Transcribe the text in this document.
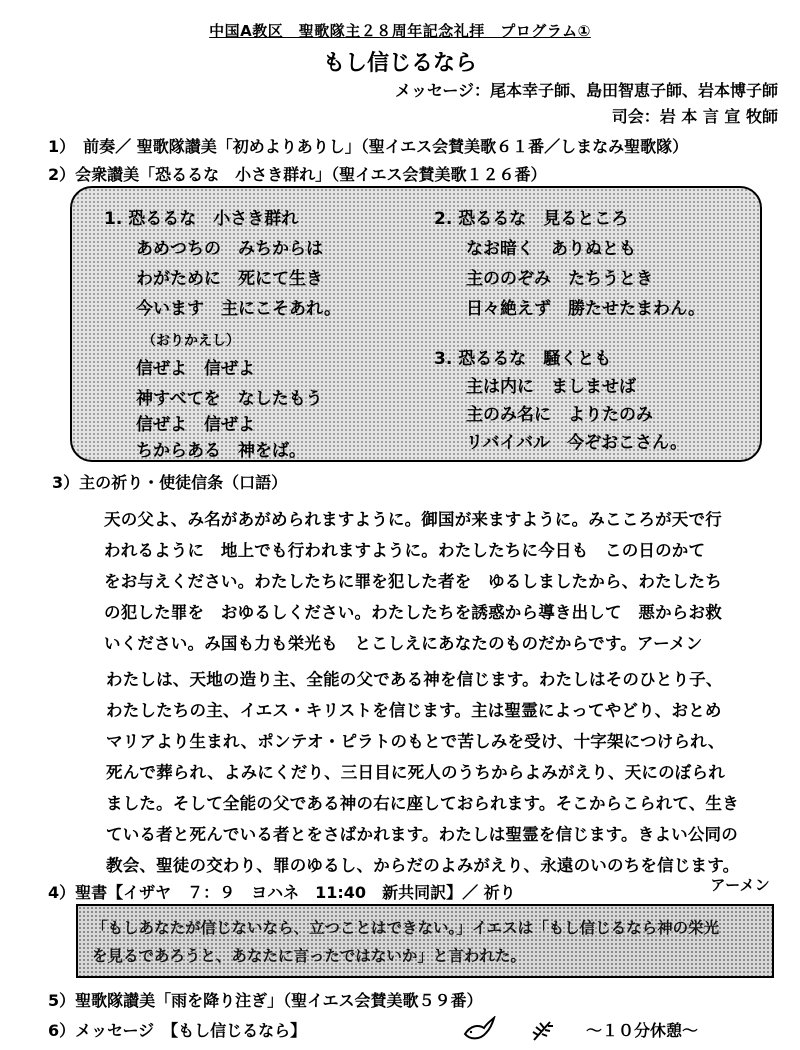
中国A教区　聖歌隊主２８周年記念礼拝　プログラム①
もし信じるなら
メッセージ：尾本幸子師、島田智恵子師、岩本博子師
司会：岩 本 言 宣 牧師
1）　前奏／ 聖歌隊讃美「初めよりありし」（聖イエス会賛美歌６１番／しまなみ聖歌隊）
2）会衆讃美「恐るるな　小さき群れ」（聖イエス会賛美歌１２６番）
1. 恐るるな　小さき群れ
あめつちの　みちからは
わがために　死にて生き
今います　主にこそあれ。
（おりかえし）
信ぜよ　信ぜよ
神すべてを　なしたもう
信ぜよ　信ぜよ
ちからある　神をば。
2. 恐るるな　見るところ
なお暗く　ありぬとも
主ののぞみ　たちうとき
日々絶えず　勝たせたまわん。
3. 恐るるな　騒くとも
主は内に　ましませば
主のみ名に　よりたのみ
リバイバル　今ぞおこさん。
3）主の祈り・使徒信条（口語）
天の父よ、み名があがめられますように。御国が来ますように。みこころが天で行
われるように　地上でも行われますように。わたしたちに今日も　この日のかて
をお与えください。わたしたちに罪を犯した者を　ゆるしましたから、わたしたち
の犯した罪を　おゆるしください。わたしたちを誘惑から導き出して　悪からお救
いください。み国も力も栄光も　とこしえにあなたのものだからです。アーメン
わたしは、天地の造り主、全能の父である神を信じます。わたしはそのひとり子、
わたしたちの主、イエス・キリストを信じます。主は聖霊によってやどり、おとめ
マリアより生まれ、ポンテオ・ピラトのもとで苦しみを受け、十字架につけられ、
死んで葬られ、よみにくだり、三日目に死人のうちからよみがえり、天にのぼられ
ました。そして全能の父である神の右に座しておられます。そこからこられて、生き
ている者と死んでいる者とをさばかれます。わたしは聖霊を信じます。きよい公同の
教会、聖徒の交わり、罪のゆるし、からだのよみがえり、永遠のいのちを信じます。
アーメン
4）聖書【イザヤ　７：９　ヨハネ　11:40　新共同訳】／ 祈り
「もしあなたが信じないなら、立つことはできない。」イエスは「もし信じるなら神の栄光
を見るであろうと、あなたに言ったではないか」と言われた。
5）聖歌隊讃美「雨を降り注ぎ」（聖イエス会賛美歌５９番）
6）メッセージ　【もし信じるなら】	～１０分休憩～
